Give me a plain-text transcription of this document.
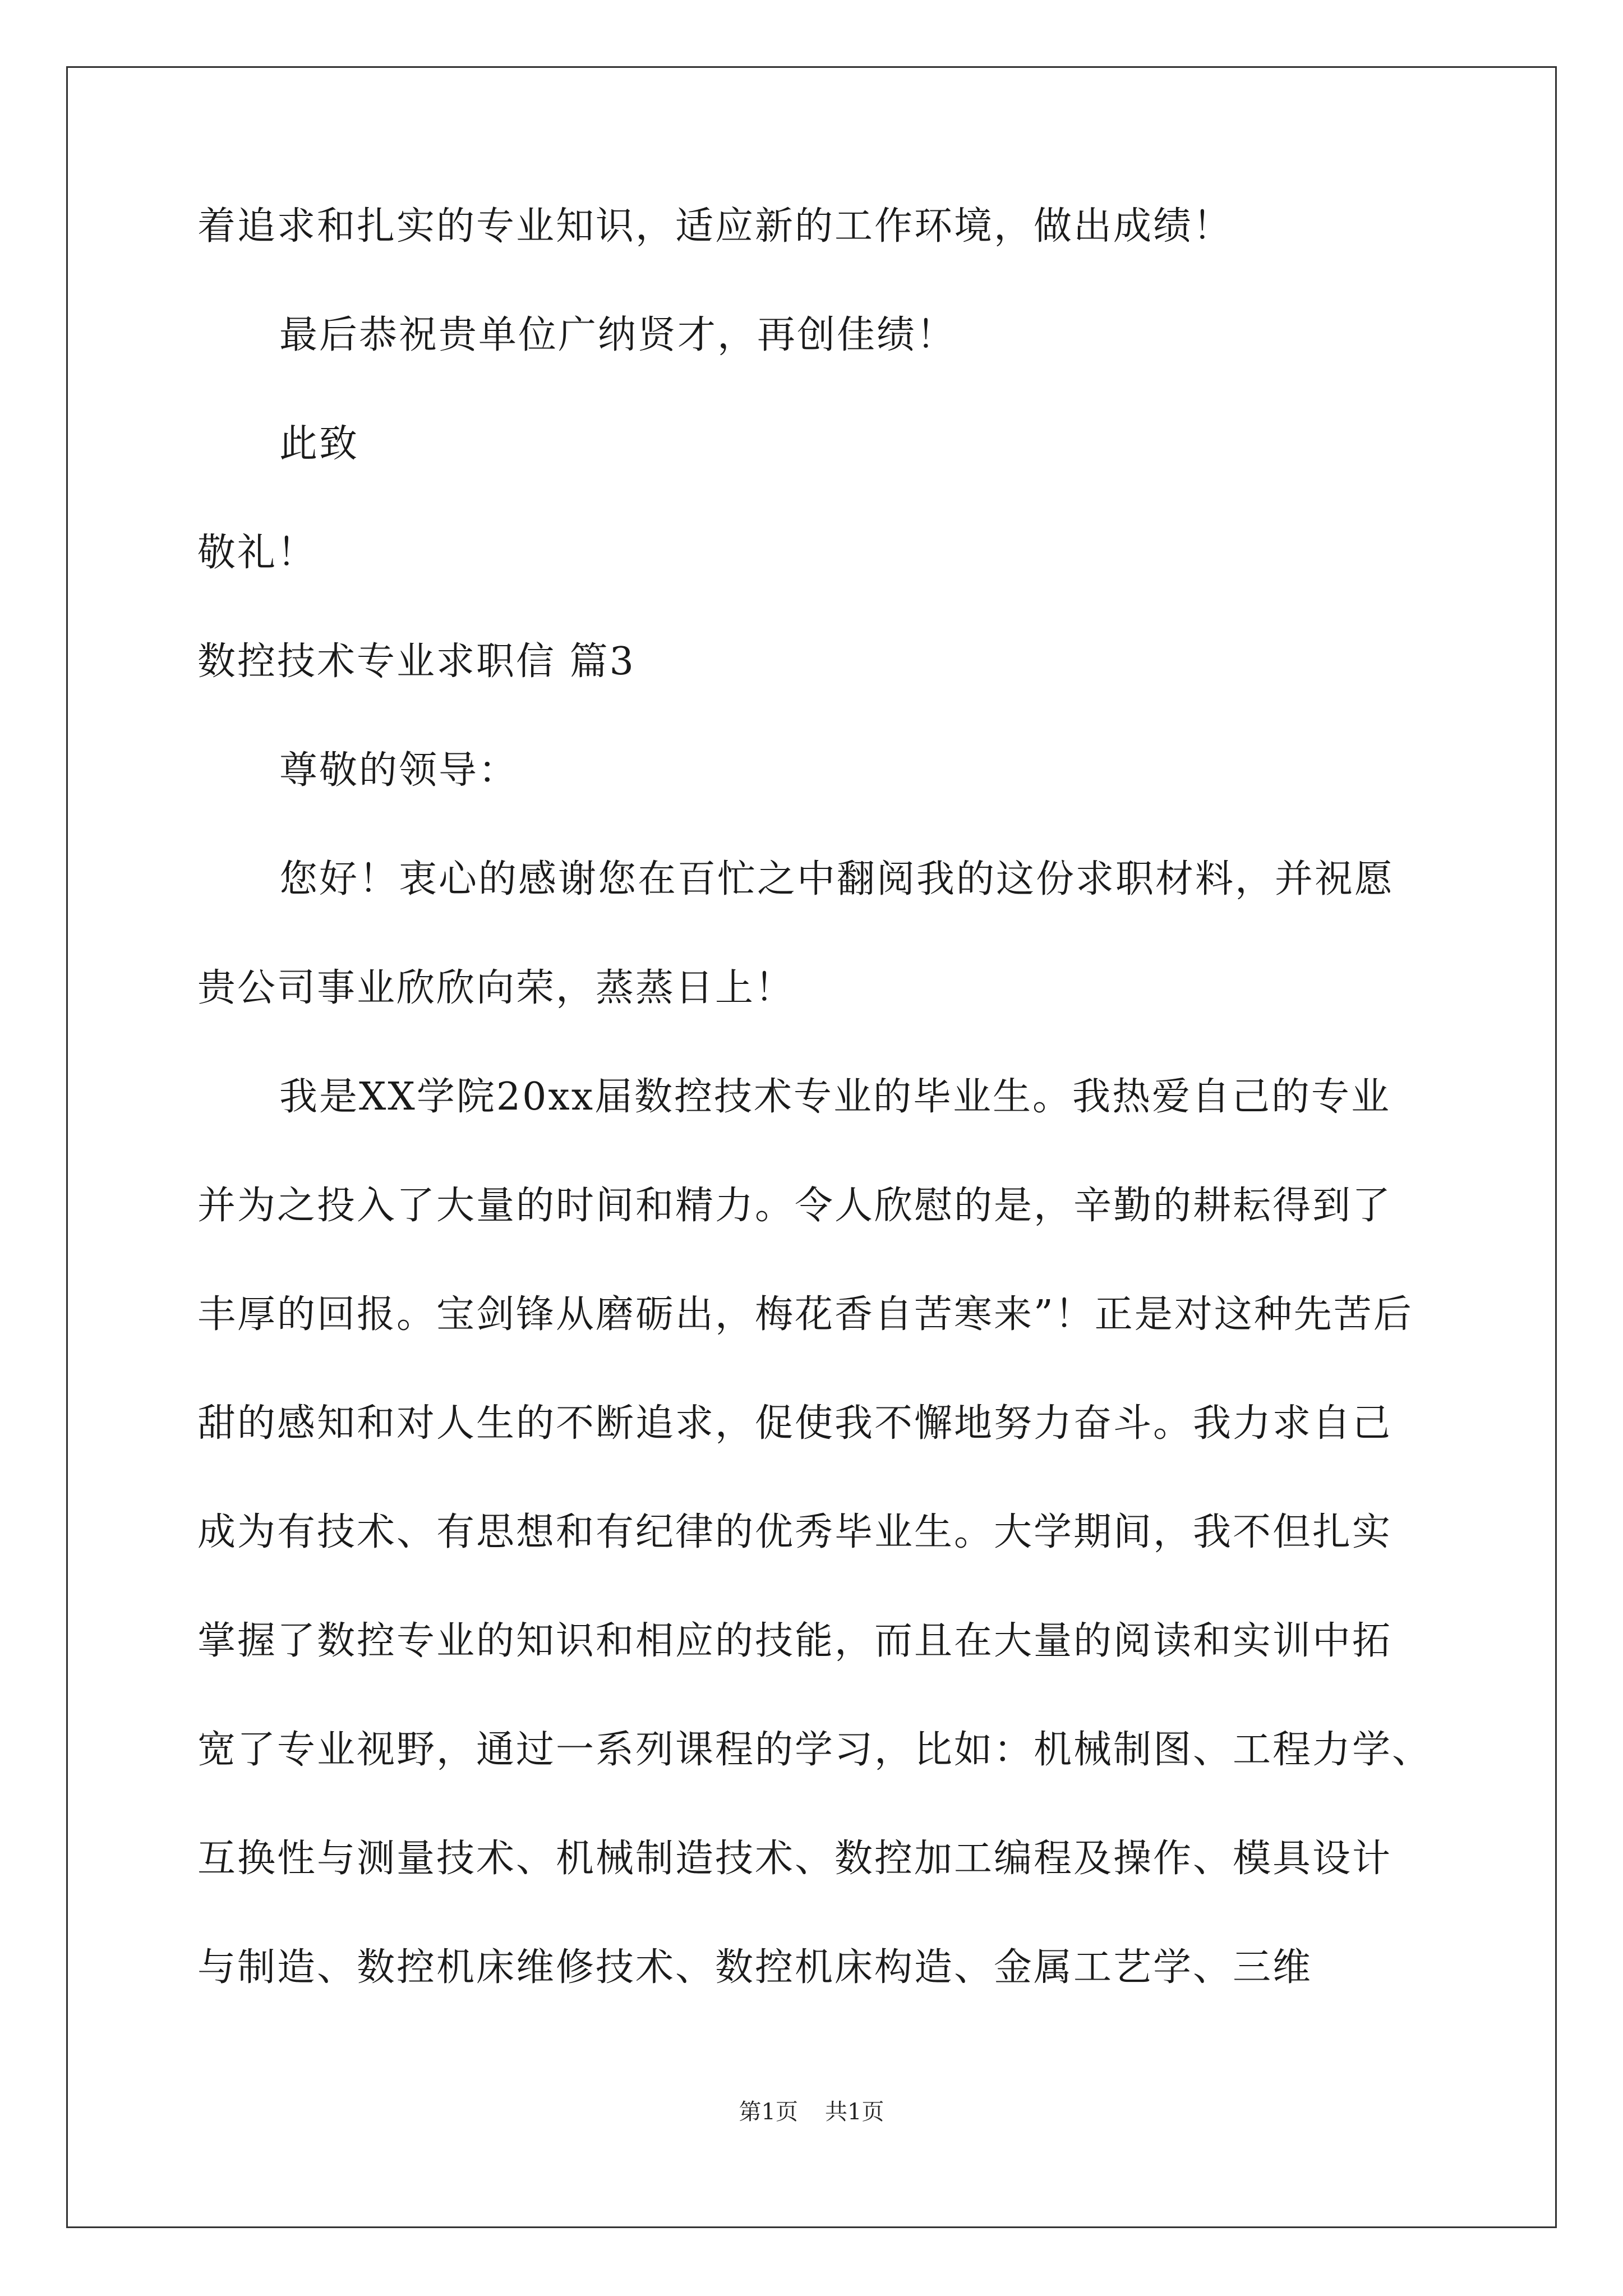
着追求和扎实的专业知识，适应新的工作环境，做出成绩！
最后恭祝贵单位广纳贤才，再创佳绩！
此致
敬礼！
数控技术专业求职信 篇3
尊敬的领导：
您好！衷心的感谢您在百忙之中翻阅我的这份求职材料，并祝愿
贵公司事业欣欣向荣，蒸蒸日上！
我是XX学院20xx届数控技术专业的毕业生。我热爱自己的专业
并为之投入了大量的时间和精力。令人欣慰的是，辛勤的耕耘得到了
丰厚的回报。宝剑锋从磨砺出，梅花香自苦寒来”！正是对这种先苦后
甜的感知和对人生的不断追求，促使我不懈地努力奋斗。我力求自己
成为有技术、有思想和有纪律的优秀毕业生。大学期间，我不但扎实
掌握了数控专业的知识和相应的技能，而且在大量的阅读和实训中拓
宽了专业视野，通过一系列课程的学习，比如：机械制图、工程力学、
互换性与测量技术、机械制造技术、数控加工编程及操作、模具设计
与制造、数控机床维修技术、数控机床构造、金属工艺学、三维
第1页 共1页
